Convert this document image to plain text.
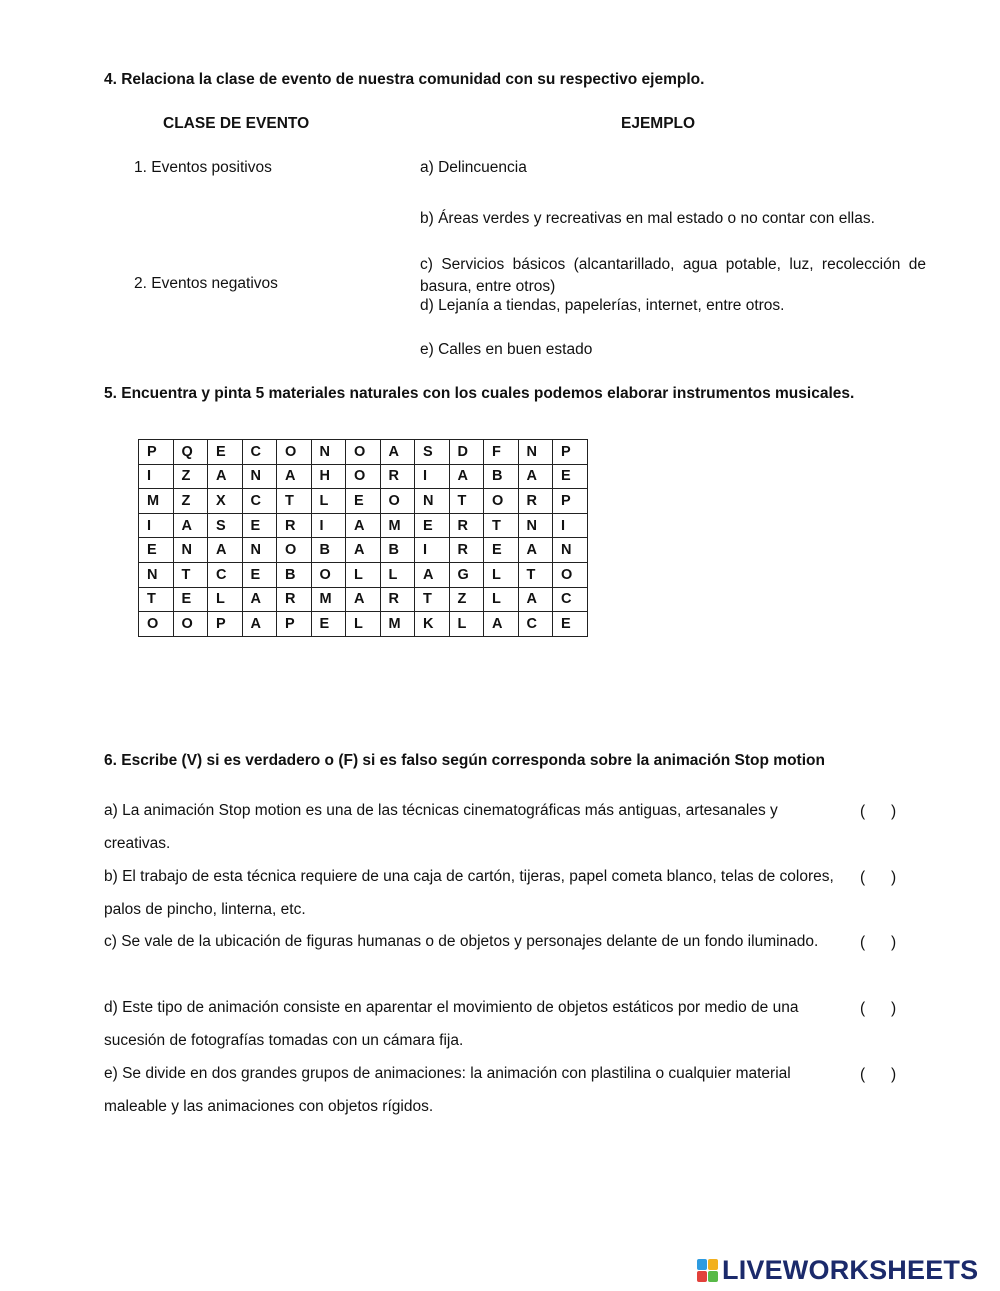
4. Relaciona la clase de evento de nuestra comunidad con su respectivo ejemplo.
CLASE DE EVENTO	EJEMPLO
1. Eventos positivos
2. Eventos negativos
a) Delincuencia
b) Áreas verdes y recreativas en mal estado o no contar con ellas.
c) Servicios básicos (alcantarillado, agua potable, luz, recolección de basura, entre otros)
d) Lejanía a tiendas, papelerías, internet, entre otros.
e) Calles en buen estado
5. Encuentra y pinta 5 materiales naturales con los cuales podemos elaborar instrumentos musicales.
P	Q	E	C	O	N	O	A	S	D	F	N	P
I	Z	A	N	A	H	O	R	I	A	B	A	E
M	Z	X	C	T	L	E	O	N	T	O	R	P
I	A	S	E	R	I	A	M	E	R	T	N	I
E	N	A	N	O	B	A	B	I	R	E	A	N
N	T	C	E	B	O	L	L	A	G	L	T	O
T	E	L	A	R	M	A	R	T	Z	L	A	C
O	O	P	A	P	E	L	M	K	L	A	C	E
6. Escribe (V) si es verdadero o (F) si es falso según corresponda sobre la animación Stop motion
a) La animación Stop motion es una de las técnicas cinematográficas más antiguas, artesanales y creativas.
(      )
b) El trabajo de esta técnica requiere de una caja de cartón, tijeras, papel cometa blanco, telas de colores, palos de pincho, linterna, etc.
(      )
c) Se vale de la ubicación de figuras humanas o de objetos y personajes delante de un fondo iluminado.	(      )
d) Este tipo de animación consiste en aparentar el movimiento de objetos estáticos por medio de una sucesión de fotografías tomadas con un cámara fija.
(      )
e) Se divide en dos grandes grupos de animaciones: la animación con plastilina o cualquier material maleable y las animaciones con objetos rígidos.
(      )
LIVEWORKSHEETS
